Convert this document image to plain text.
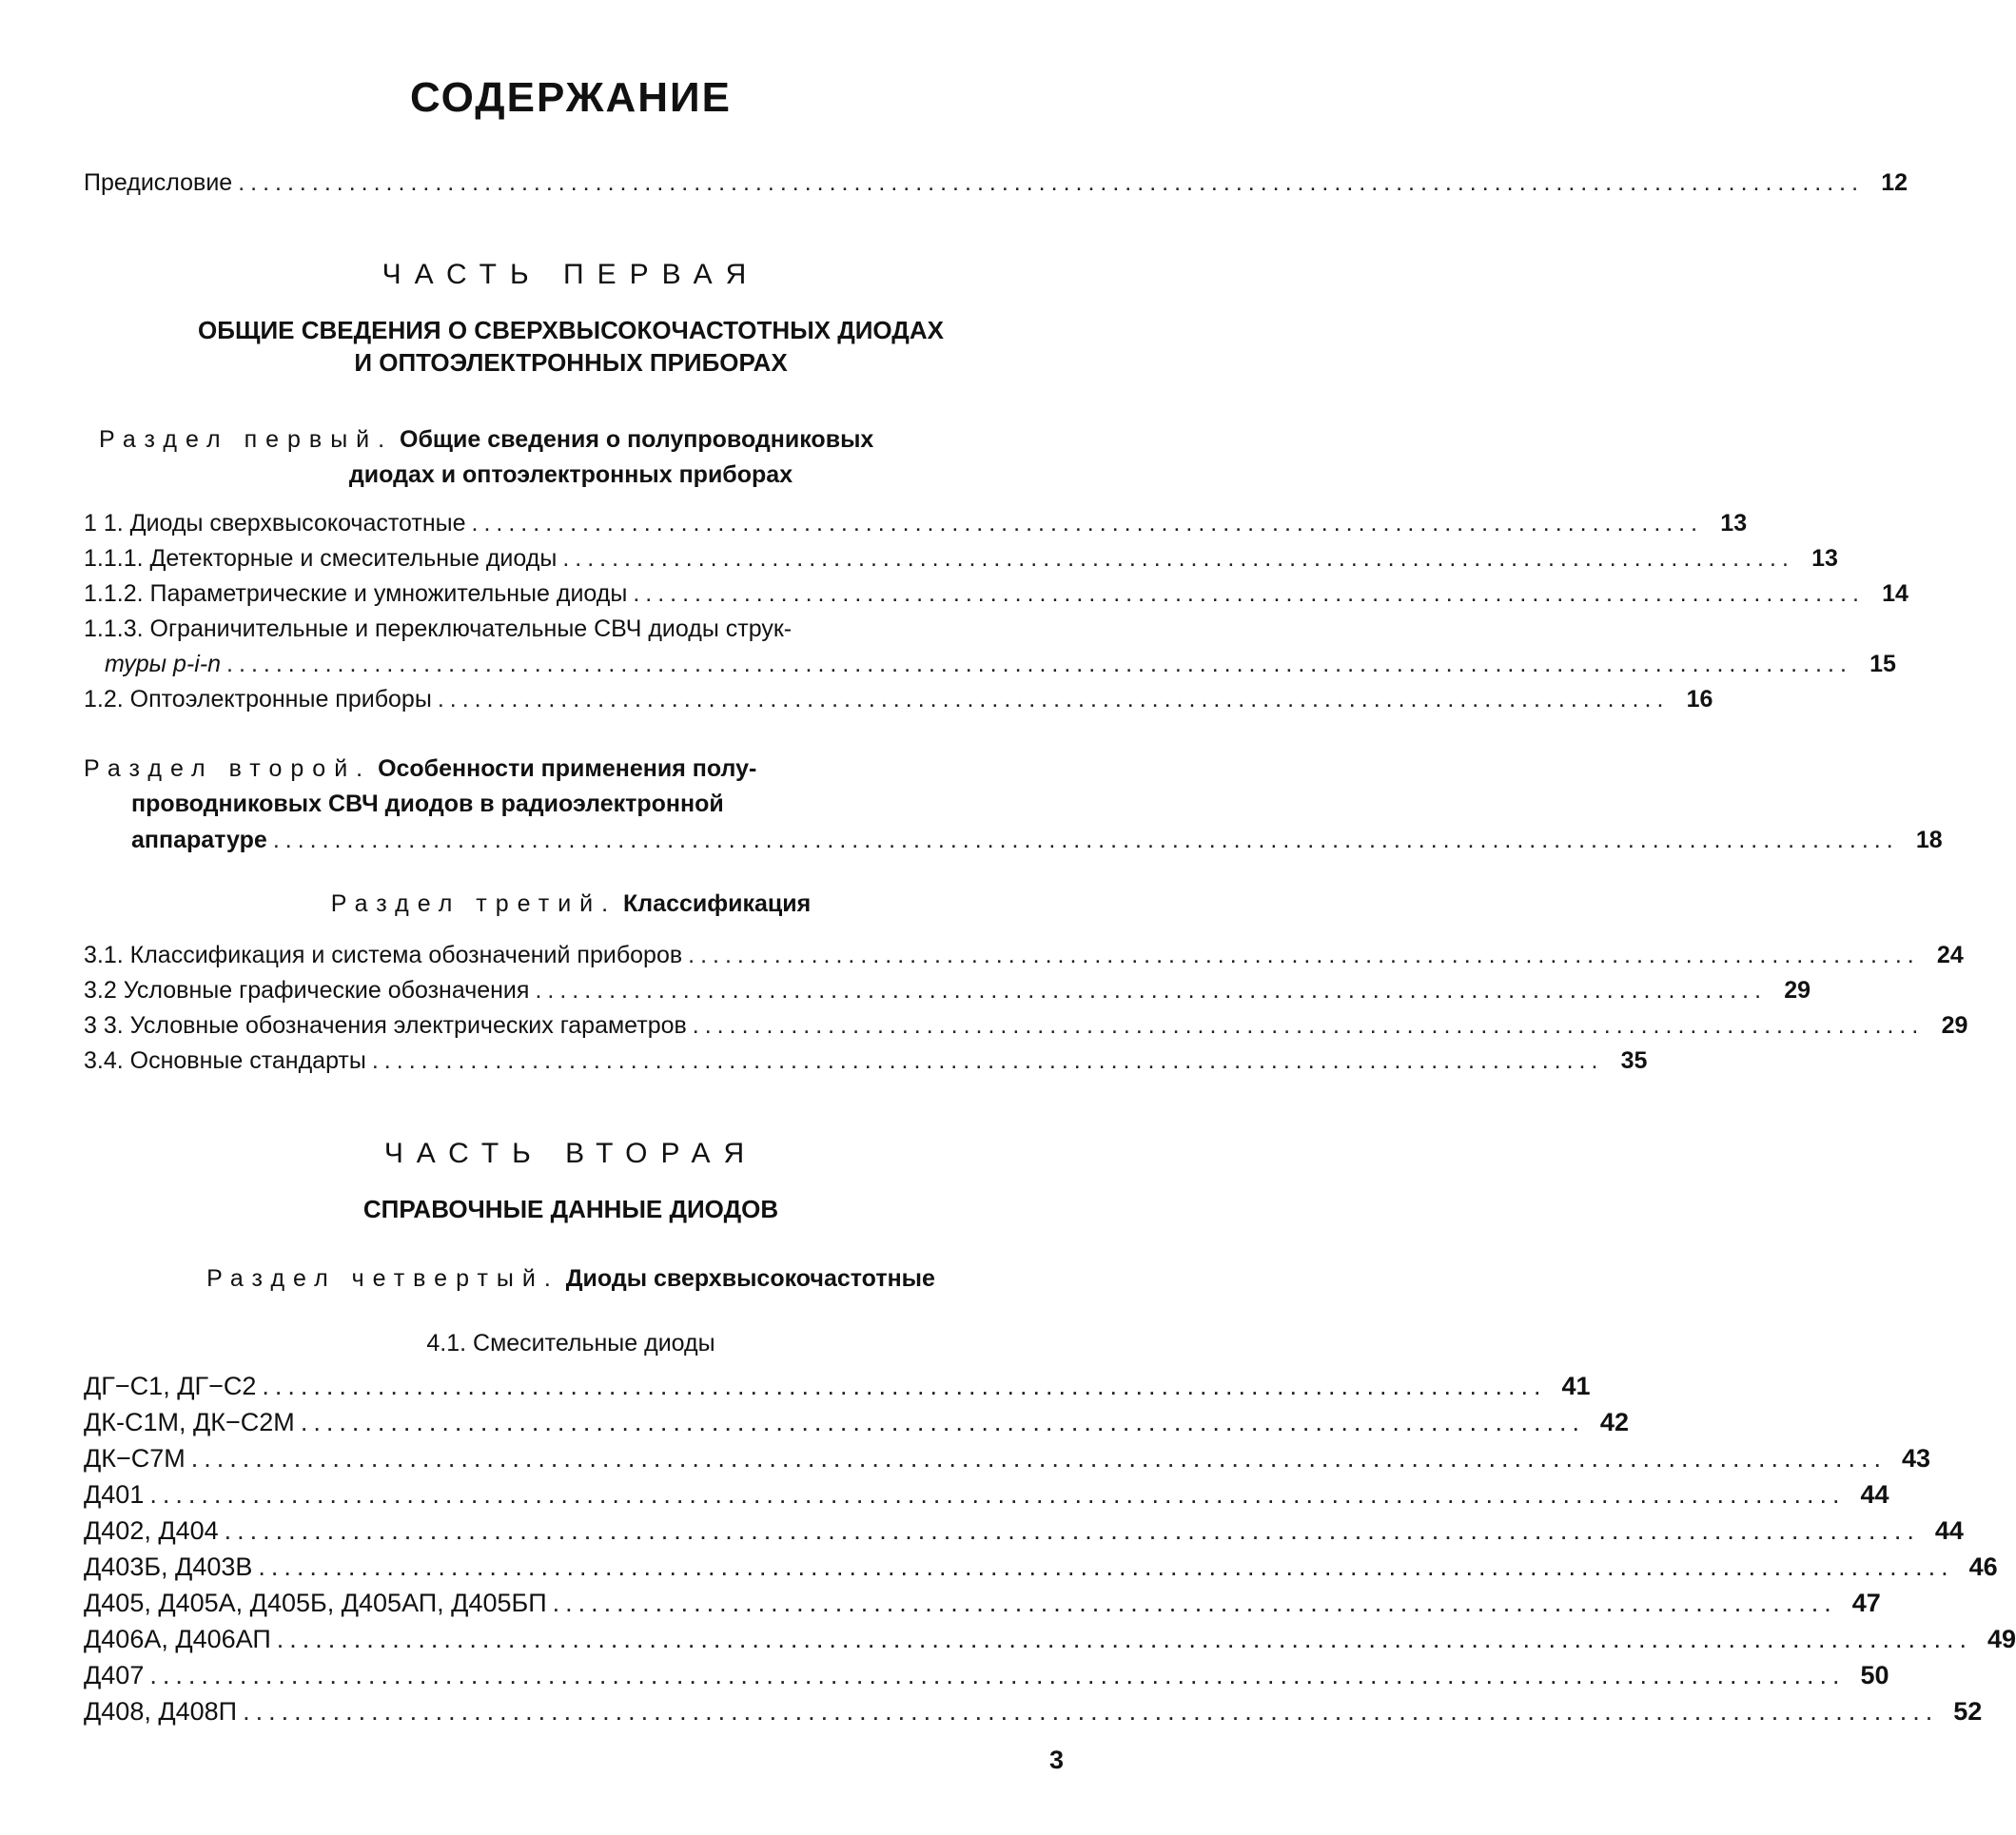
СОДЕРЖАНИЕ
Предисловие .................................................................................................................................... 12
ЧАСТЬ ПЕРВАЯ
ОБЩИЕ СВЕДЕНИЯ О СВЕРХВЫСОКОЧАСТОТНЫХ ДИОДАХ
И ОПТОЭЛЕКТРОННЫХ ПРИБОРАХ
Раздел первый. Общие сведения о полупроводниковых
диодах и оптоэлектронных приборах
1 1. Диоды сверхвысокочастотные .................................................................................................... 13
1.1.1. Детекторные и смесительные диоды .................................................................................................... 13
1.1.2. Параметрические и умножительные диоды .................................................................................................... 14
1.1.3. Ограничительные и переключательные СВЧ диоды струк-
туры p-i-n .................................................................................................................................... 15
1.2. Оптоэлектронные приборы .................................................................................................... 16
Раздел второй. Особенности применения полу-
проводниковых СВЧ диодов в радиоэлектронной
аппаратуре .................................................................................................................................... 18
Раздел третий. Классификация
3.1. Классификация и система обозначений приборов .................................................................................................... 24
3.2 Условные графические обозначения .................................................................................................... 29
3 3. Условные обозначения электрических гараметров .................................................................................................... 29
3.4. Основные стандарты .................................................................................................... 35
ЧАСТЬ ВТОРАЯ
СПРАВОЧНЫЕ ДАННЫЕ ДИОДОВ
Раздел четвертый. Диоды сверхвысокочастотные
4.1. Смесительные диоды
ДГ−С1, ДГ−С2 .................................................................................................... 41
ДК-С1М, ДК−С2М .................................................................................................... 42
ДК−С7М .................................................................................................................................... 43
Д401 .................................................................................................................................... 44
Д402, Д404 .................................................................................................................................... 44
Д403Б, Д403В .................................................................................................................................... 46
Д405, Д405А, Д405Б, Д405АП, Д405БП .................................................................................................... 47
Д406А, Д406АП .................................................................................................................................... 49
Д407 .................................................................................................................................... 50
Д408, Д408П .................................................................................................................................... 52
3
